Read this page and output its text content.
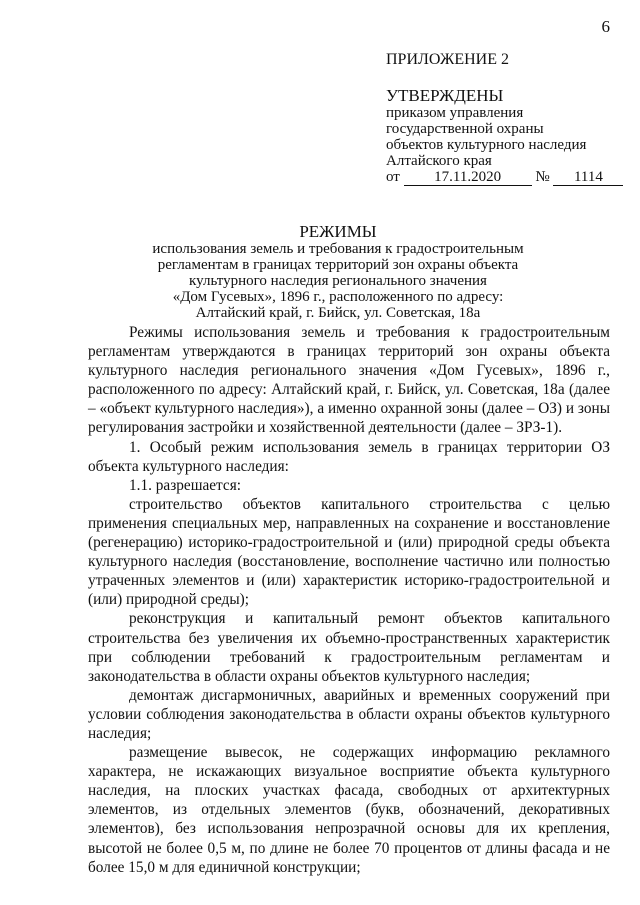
6
ПРИЛОЖЕНИЕ 2
УТВЕРЖДЕНЫ
приказом управления
государственной охраны
объектов культурного наследия
Алтайского края
от 17.11.2020 № 1114
РЕЖИМЫ
использования земель и требования к градостроительным
регламентам в границах территорий зон охраны объекта
культурного наследия регионального значения
«Дом Гусевых», 1896 г., расположенного по адресу:
Алтайский край, г. Бийск, ул. Советская, 18а

Режимы использования земель и требования к градостроительным регламентам утверждаются в границах территорий зон охраны объекта культурного наследия регионального значения «Дом Гусевых», 1896 г., расположенного по адресу: Алтайский край, г. Бийск, ул. Советская, 18а (далее – «объект культурного наследия»), а именно охранной зоны (далее – ОЗ) и зоны регулирования застройки и хозяйственной деятельности (далее – ЗРЗ-1).

1. Особый режим использования земель в границах территории ОЗ объекта культурного наследия:

1.1. разрешается:

строительство объектов капитального строительства с целью применения специальных мер, направленных на сохранение и восстановление (регенерацию) историко-градостроительной и (или) природной среды объекта культурного наследия (восстановление, восполнение частично или полностью утраченных элементов и (или) характеристик историко-градостроительной и (или) природной среды);

реконструкция и капитальный ремонт объектов капитального строительства без увеличения их объемно-пространственных характеристик при соблюдении требований к градостроительным регламентам и законодательства в области охраны объектов культурного наследия;

демонтаж дисгармоничных, аварийных и временных сооружений при условии соблюдения законодательства в области охраны объектов культурного наследия;

размещение вывесок, не содержащих информацию рекламного характера, не искажающих визуальное восприятие объекта культурного наследия, на плоских участках фасада, свободных от архитектурных элементов, из отдельных элементов (букв, обозначений, декоративных элементов), без использования непрозрачной основы для их крепления, высотой не более 0,5 м, по длине не более 70 процентов от длины фасада и не более 15,0 м для единичной конструкции;
